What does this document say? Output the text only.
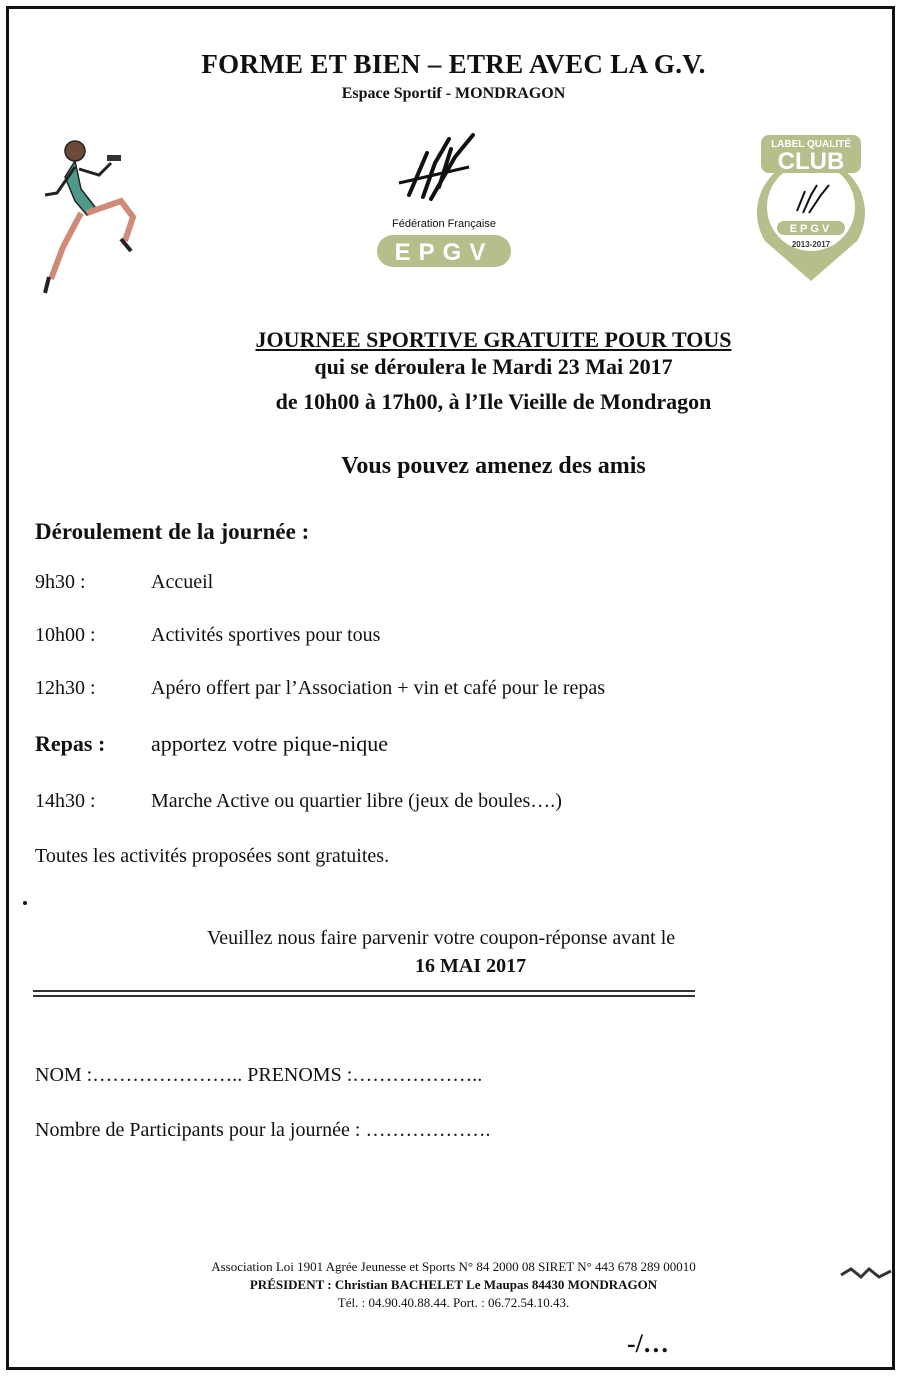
FORME ET BIEN – ETRE AVEC LA G.V.
Espace Sportif - MONDRAGON
Fédération Française
EPGV
LABEL QUALITÉ
CLUB
EPGV
2013-2017
JOURNEE SPORTIVE GRATUITE POUR TOUS
qui se déroulera le Mardi 23 Mai 2017
de 10h00 à 17h00, à l’Ile Vieille de Mondragon
Vous pouvez amenez des amis
Déroulement de la journée :
9h30 :	Accueil
10h00 :	Activités sportives pour tous
12h30 :	Apéro offert par l’Association + vin et café pour le repas
Repas : apportez votre pique-nique
14h30 :	Marche Active ou quartier libre (jeux de boules….)
Toutes les activités proposées sont gratuites.
Veuillez nous faire parvenir votre coupon-réponse avant le
16 MAI 2017
NOM :………………….. PRENOMS :………………..
Nombre de Participants pour la journée : ……………….
Association Loi 1901 Agrée Jeunesse et Sports N° 84 2000 08 SIRET N° 443 678 289 00010
PRÉSIDENT : Christian BACHELET Le Maupas 84430 MONDRAGON
Tél. : 04.90.40.88.44. Port. : 06.72.54.10.43.
-/…
